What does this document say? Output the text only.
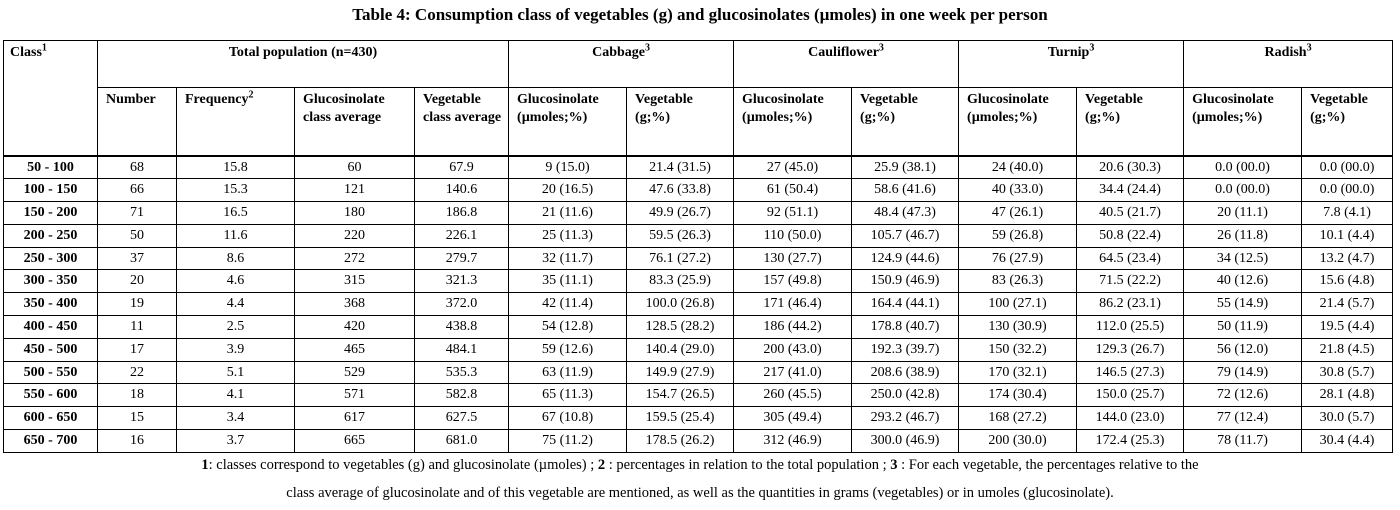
Table 4: Consumption class of vegetables (g) and glucosinolates (µmoles) in one week per person
Class$^1$	Total population (n=430)				Cabbage$^3$		Cauliflower$^3$		Turnip$^3$		Radish$^3$
	Number	Frequency$^2$	Glucosinolate class average	Vegetable class average	Glucosinolate (µmoles;%)	Vegetable (g;%)	Glucosinolate (µmoles;%)	Vegetable (g;%)	Glucosinolate (µmoles;%)	Vegetable (g;%)	Glucosinolate (µmoles;%)	Vegetable (g;%)
50 - 100	68	15.8	60	67.9	9 (15.0)	21.4 (31.5)	27 (45.0)	25.9 (38.1)	24 (40.0)	20.6 (30.3)	0.0 (00.0)	0.0 (00.0)
100 - 150	66	15.3	121	140.6	20 (16.5)	47.6 (33.8)	61 (50.4)	58.6 (41.6)	40 (33.0)	34.4 (24.4)	0.0 (00.0)	0.0 (00.0)
150 - 200	71	16.5	180	186.8	21 (11.6)	49.9 (26.7)	92 (51.1)	48.4 (47.3)	47 (26.1)	40.5 (21.7)	20 (11.1)	7.8 (4.1)
200 - 250	50	11.6	220	226.1	25 (11.3)	59.5 (26.3)	110 (50.0)	105.7 (46.7)	59 (26.8)	50.8 (22.4)	26 (11.8)	10.1 (4.4)
250 - 300	37	8.6	272	279.7	32 (11.7)	76.1 (27.2)	130 (27.7)	124.9 (44.6)	76 (27.9)	64.5 (23.4)	34 (12.5)	13.2 (4.7)
300 - 350	20	4.6	315	321.3	35 (11.1)	83.3 (25.9)	157 (49.8)	150.9 (46.9)	83 (26.3)	71.5 (22.2)	40 (12.6)	15.6 (4.8)
350 - 400	19	4.4	368	372.0	42 (11.4)	100.0 (26.8)	171 (46.4)	164.4 (44.1)	100 (27.1)	86.2 (23.1)	55 (14.9)	21.4 (5.7)
400 - 450	11	2.5	420	438.8	54 (12.8)	128.5 (28.2)	186 (44.2)	178.8 (40.7)	130 (30.9)	112.0 (25.5)	50 (11.9)	19.5 (4.4)
450 - 500	17	3.9	465	484.1	59 (12.6)	140.4 (29.0)	200 (43.0)	192.3 (39.7)	150 (32.2)	129.3 (26.7)	56 (12.0)	21.8 (4.5)
500 - 550	22	5.1	529	535.3	63 (11.9)	149.9 (27.9)	217 (41.0)	208.6 (38.9)	170 (32.1)	146.5 (27.3)	79 (14.9)	30.8 (5.7)
550 - 600	18	4.1	571	582.8	65 (11.3)	154.7 (26.5)	260 (45.5)	250.0 (42.8)	174 (30.4)	150.0 (25.7)	72 (12.6)	28.1 (4.8)
600 - 650	15	3.4	617	627.5	67 (10.8)	159.5 (25.4)	305 (49.4)	293.2 (46.7)	168 (27.2)	144.0 (23.0)	77 (12.4)	30.0 (5.7)
650 - 700	16	3.7	665	681.0	75 (11.2)	178.5 (26.2)	312 (46.9)	300.0 (46.9)	200 (30.0)	172.4 (25.3)	78 (11.7)	30.4 (4.4)
1: classes correspond to vegetables (g) and glucosinolate (µmoles) ; 2 : percentages in relation to the total population ; 3 : For each vegetable, the percentages relative to the
class average of glucosinolate and of this vegetable are mentioned, as well as the quantities in grams (vegetables) or in umoles (glucosinolate).
